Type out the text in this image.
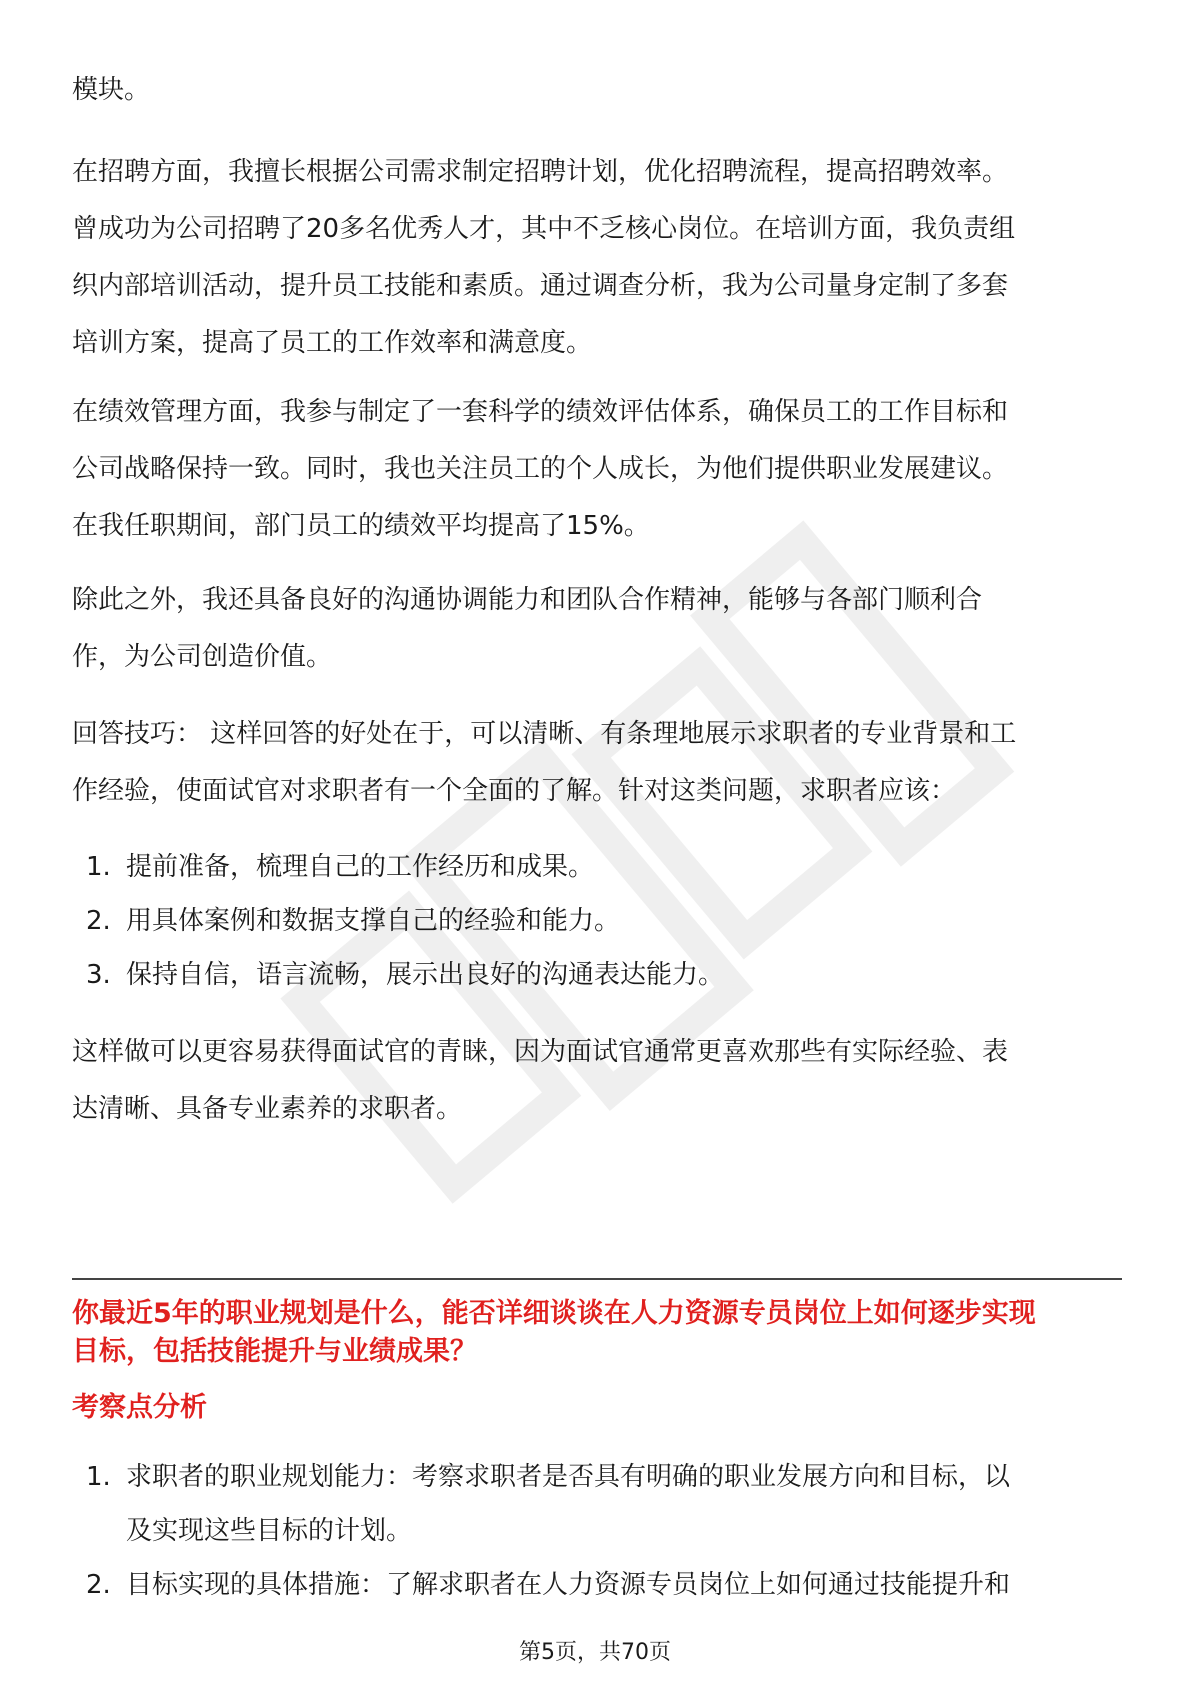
模块。

在招聘方面，我擅长根据公司需求制定招聘计划，优化招聘流程，提高招聘效率。
曾成功为公司招聘了20多名优秀人才，其中不乏核心岗位。在培训方面，我负责组
织内部培训活动，提升员工技能和素质。通过调查分析，我为公司量身定制了多套
培训方案，提高了员工的工作效率和满意度。

在绩效管理方面，我参与制定了一套科学的绩效评估体系，确保员工的工作目标和
公司战略保持一致。同时，我也关注员工的个人成长，为他们提供职业发展建议。
在我任职期间，部门员工的绩效平均提高了15%。

除此之外，我还具备良好的沟通协调能力和团队合作精神，能够与各部门顺利合
作，为公司创造价值。

回答技巧： 这样回答的好处在于，可以清晰、有条理地展示求职者的专业背景和工
作经验，使面试官对求职者有一个全面的了解。针对这类问题，求职者应该：

1. 提前准备，梳理自己的工作经历和成果。
2. 用具体案例和数据支撑自己的经验和能力。
3. 保持自信，语言流畅，展示出良好的沟通表达能力。

这样做可以更容易获得面试官的青睐，因为面试官通常更喜欢那些有实际经验、表
达清晰、具备专业素养的求职者。

你最近5年的职业规划是什么，能否详细谈谈在人力资源专员岗位上如何逐步实现
目标，包括技能提升与业绩成果？
考察点分析
1. 求职者的职业规划能力：考察求职者是否具有明确的职业发展方向和目标，以
及实现这些目标的计划。
2. 目标实现的具体措施：了解求职者在人力资源专员岗位上如何通过技能提升和
第5页，共70页
